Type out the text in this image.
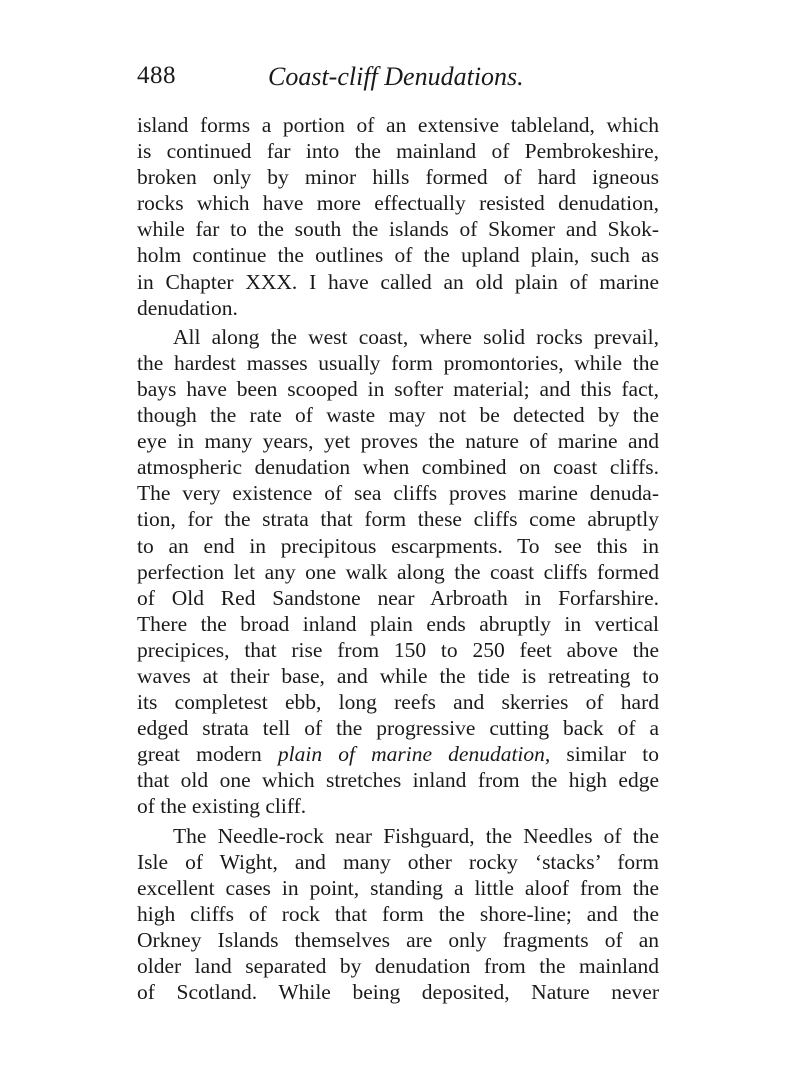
488	Coast-cliff Denudations.
island forms a portion of an extensive tableland, which
is continued far into the mainland of Pembrokeshire,
broken only by minor hills formed of hard igneous
rocks which have more effectually resisted denudation,
while far to the south the islands of Skomer and Skok-
holm continue the outlines of the upland plain, such as
in Chapter XXX. I have called an old plain of marine
denudation.
All along the west coast, where solid rocks prevail,
the hardest masses usually form promontories, while the
bays have been scooped in softer material; and this fact,
though the rate of waste may not be detected by the
eye in many years, yet proves the nature of marine and
atmospheric denudation when combined on coast cliffs.
The very existence of sea cliffs proves marine denuda-
tion, for the strata that form these cliffs come abruptly
to an end in precipitous escarpments. To see this in
perfection let any one walk along the coast cliffs formed
of Old Red Sandstone near Arbroath in Forfarshire.
There the broad inland plain ends abruptly in vertical
precipices, that rise from 150 to 250 feet above the
waves at their base, and while the tide is retreating to
its completest ebb, long reefs and skerries of hard
edged strata tell of the progressive cutting back of a
great modern plain of marine denudation, similar to
that old one which stretches inland from the high edge
of the existing cliff.
The Needle-rock near Fishguard, the Needles of the
Isle of Wight, and many other rocky ‘stacks’ form
excellent cases in point, standing a little aloof from the
high cliffs of rock that form the shore-line; and the
Orkney Islands themselves are only fragments of an
older land separated by denudation from the mainland
of Scotland. While being deposited, Nature never
